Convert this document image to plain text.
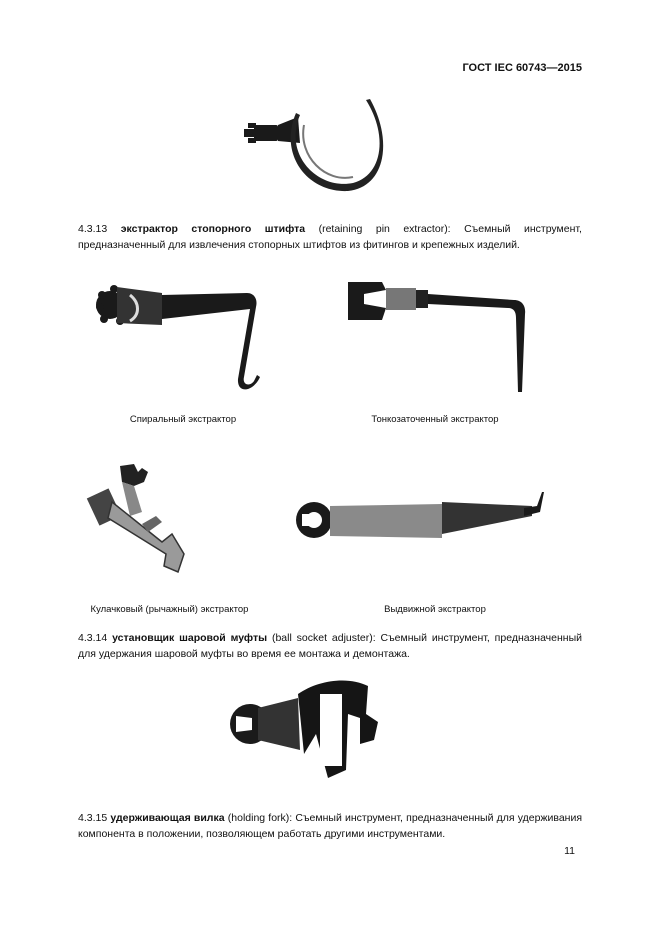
ГОСТ IEC 60743—2015
4.3.13 экстрактор стопорного штифта (retaining pin extractor): Съемный инструмент, предназначенный для извлечения стопорных штифтов из фитингов и крепежных изделий.
Спиральный экстрактор	Тонкозаточенный экстрактор
Кулачковый (рычажный) экстрактор	Выдвижной экстрактор
4.3.14 установщик шаровой муфты (ball socket adjuster): Съемный инструмент, предназначенный для удержания шаровой муфты во время ее монтажа и демонтажа.
4.3.15 удерживающая вилка (holding fork): Съемный инструмент, предназначенный для удерживания компонента в положении, позволяющем работать другими инструментами.
11
